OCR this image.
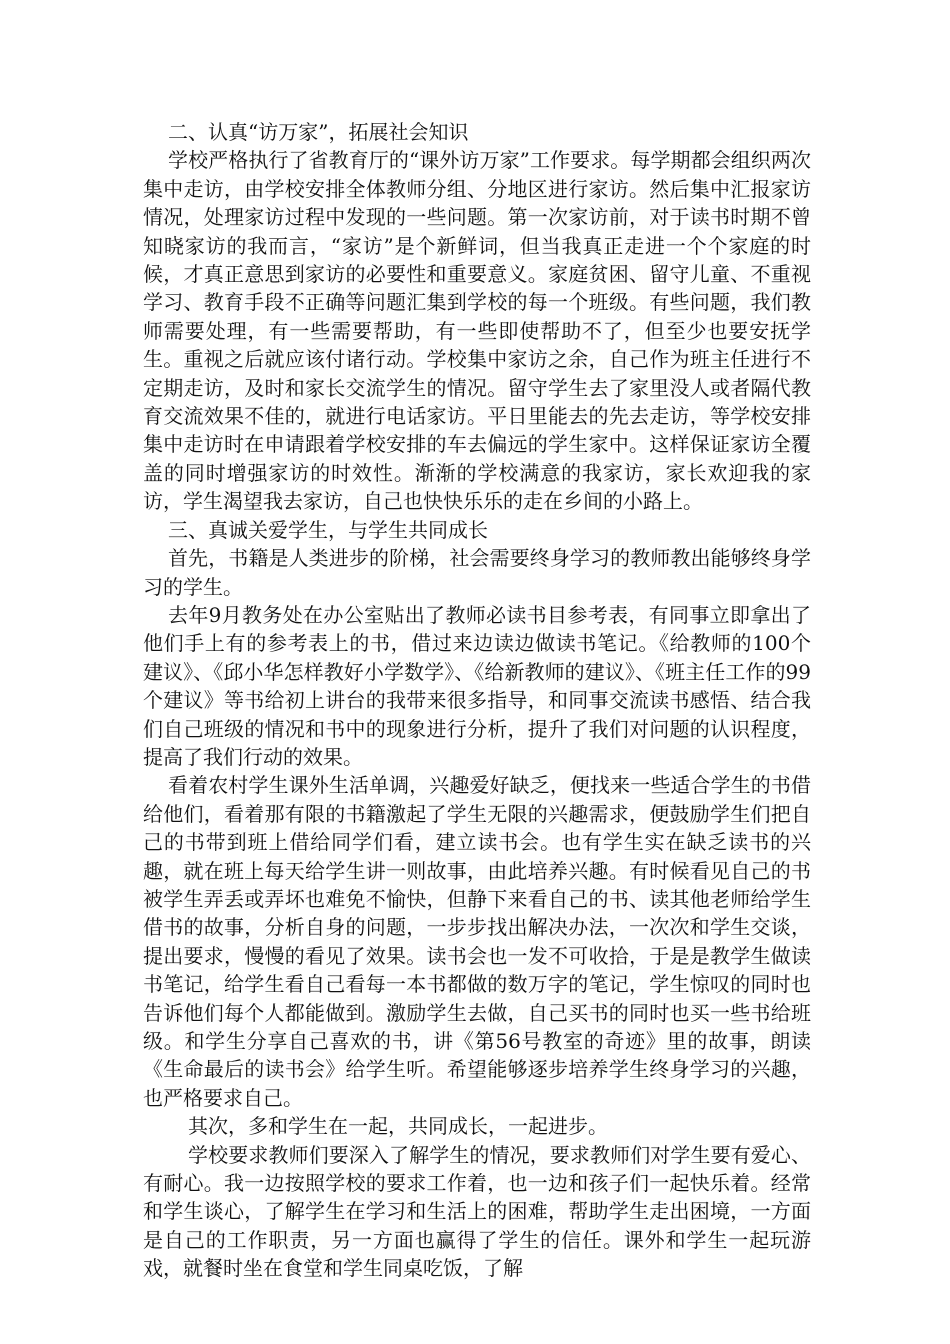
二、认真“访万家”，拓展社会知识

学校严格执行了省教育厅的“课外访万家”工作要求。每学期都会组织两次集中走访，由学校安排全体教师分组、分地区进行家访。然后集中汇报家访情况，处理家访过程中发现的一些问题。第一次家访前，对于读书时期不曾知晓家访的我而言，“家访”是个新鲜词，但当我真正走进一个个家庭的时候，才真正意思到家访的必要性和重要意义。家庭贫困、留守儿童、不重视学习、教育手段不正确等问题汇集到学校的每一个班级。有些问题，我们教师需要处理，有一些需要帮助，有一些即使帮助不了，但至少也要安抚学生。重视之后就应该付诸行动。学校集中家访之余，自己作为班主任进行不定期走访，及时和家长交流学生的情况。留守学生去了家里没人或者隔代教育交流效果不佳的，就进行电话家访。平日里能去的先去走访，等学校安排集中走访时在申请跟着学校安排的车去偏远的学生家中。这样保证家访全覆盖的同时增强家访的时效性。渐渐的学校满意的我家访，家长欢迎我的家访，学生渴望我去家访，自己也快快乐乐的走在乡间的小路上。

三、真诚关爱学生，与学生共同成长

首先，书籍是人类进步的阶梯，社会需要终身学习的教师教出能够终身学习的学生。

去年9月教务处在办公室贴出了教师必读书目参考表，有同事立即拿出了他们手上有的参考表上的书，借过来边读边做读书笔记。《给教师的100个建议》、《邱小华怎样教好小学数学》、《给新教师的建议》、《班主任工作的99个建议》等书给初上讲台的我带来很多指导，和同事交流读书感悟、结合我们自己班级的情况和书中的现象进行分析，提升了我们对问题的认识程度，提高了我们行动的效果。

看着农村学生课外生活单调，兴趣爱好缺乏，便找来一些适合学生的书借给他们，看着那有限的书籍激起了学生无限的兴趣需求，便鼓励学生们把自己的书带到班上借给同学们看，建立读书会。也有学生实在缺乏读书的兴趣，就在班上每天给学生讲一则故事，由此培养兴趣。有时候看见自己的书被学生弄丢或弄坏也难免不愉快，但静下来看自己的书、读其他老师给学生借书的故事，分析自身的问题，一步步找出解决办法，一次次和学生交谈，提出要求，慢慢的看见了效果。读书会也一发不可收拾，于是是教学生做读书笔记，给学生看自己看每一本书都做的数万字的笔记，学生惊叹的同时也告诉他们每个人都能做到。激励学生去做，自己买书的同时也买一些书给班级。和学生分享自己喜欢的书，讲《第56号教室的奇迹》里的故事，朗读《生命最后的读书会》给学生听。希望能够逐步培养学生终身学习的兴趣，也严格要求自己。

其次，多和学生在一起，共同成长，一起进步。

学校要求教师们要深入了解学生的情况，要求教师们对学生要有爱心、有耐心。我一边按照学校的要求工作着，也一边和孩子们一起快乐着。经常和学生谈心，了解学生在学习和生活上的困难，帮助学生走出困境，一方面是自己的工作职责，另一方面也赢得了学生的信任。课外和学生一起玩游戏，就餐时坐在食堂和学生同桌吃饭，了解
